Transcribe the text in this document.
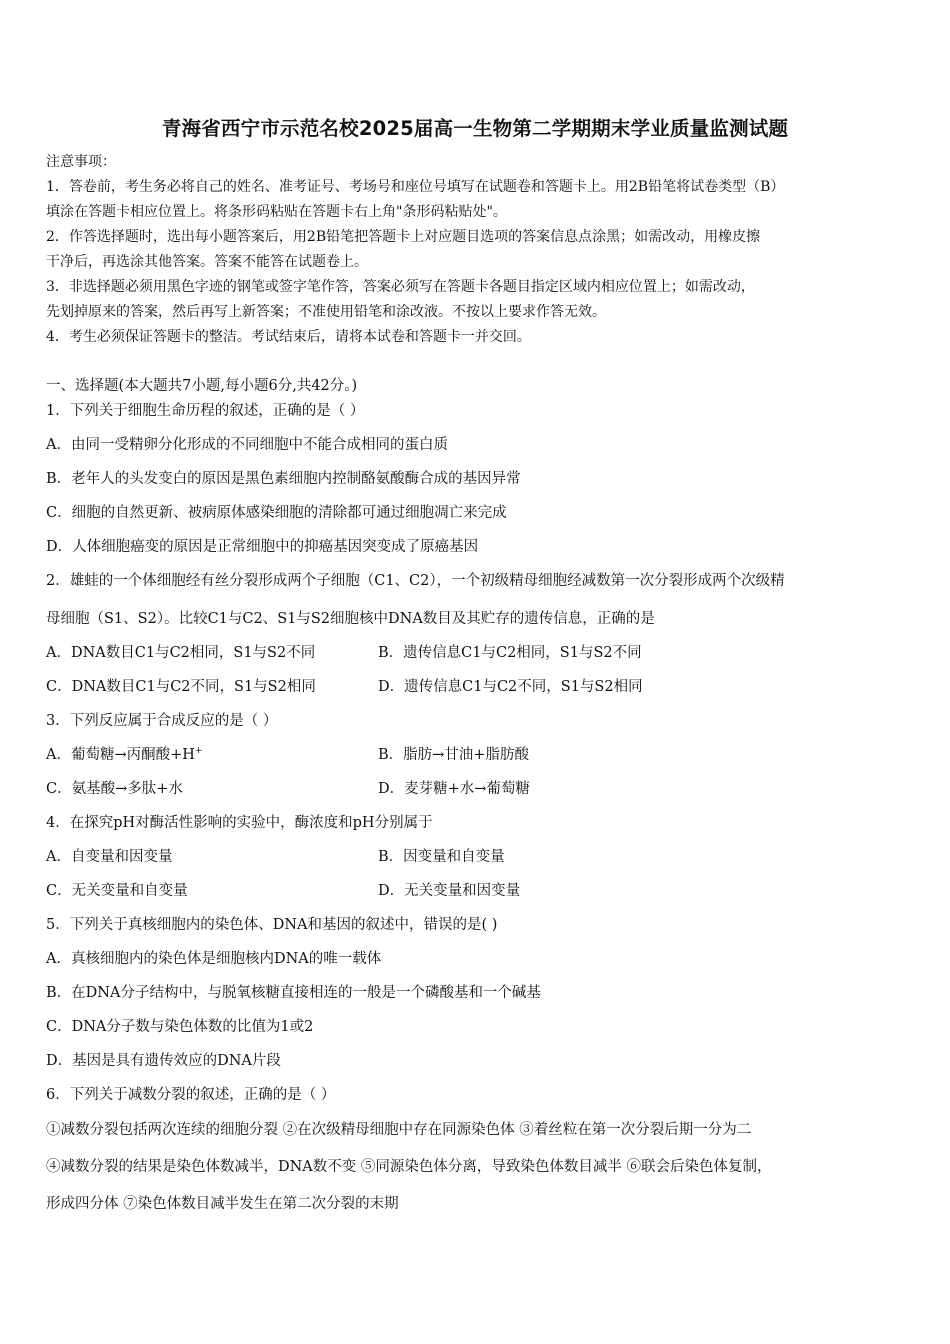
青海省西宁市示范名校2025届高一生物第二学期期末学业质量监测试题
注意事项：
1．答卷前，考生务必将自己的姓名、准考证号、考场号和座位号填写在试题卷和答题卡上。用2B铅笔将试卷类型（B）
填涂在答题卡相应位置上。将条形码粘贴在答题卡右上角"条形码粘贴处"。
2．作答选择题时，选出每小题答案后，用2B铅笔把答题卡上对应题目选项的答案信息点涂黑；如需改动，用橡皮擦
干净后，再选涂其他答案。答案不能答在试题卷上。
3．非选择题必须用黑色字迹的钢笔或签字笔作答，答案必须写在答题卡各题目指定区域内相应位置上；如需改动，
先划掉原来的答案，然后再写上新答案；不准使用铅笔和涂改液。不按以上要求作答无效。
4．考生必须保证答题卡的整洁。考试结束后，请将本试卷和答题卡一并交回。
一、选择题(本大题共7小题,每小题6分,共42分。)
1．下列关于细胞生命历程的叙述，正确的是（ ）
A．由同一受精卵分化形成的不同细胞中不能合成相同的蛋白质
B．老年人的头发变白的原因是黑色素细胞内控制酪氨酸酶合成的基因异常
C．细胞的自然更新、被病原体感染细胞的清除都可通过细胞凋亡来完成
D．人体细胞癌变的原因是正常细胞中的抑癌基因突变成了原癌基因
2．雄蛙的一个体细胞经有丝分裂形成两个子细胞（C1、C2），一个初级精母细胞经减数第一次分裂形成两个次级精
母细胞（S1、S2）。比较C1与C2、S1与S2细胞核中DNA数目及其贮存的遗传信息，正确的是
A．DNA数目C1与C2相同，S1与S2不同	B．遗传信息C1与C2相同，S1与S2不同
C．DNA数目C1与C2不同，S1与S2相同	D．遗传信息C1与C2不同，S1与S2相同
3．下列反应属于合成反应的是（ ）
A．葡萄糖→丙酮酸+H+	B．脂肪→甘油+脂肪酸
C．氨基酸→多肽+水	D．麦芽糖+水→葡萄糖
4．在探究pH对酶活性影响的实验中，酶浓度和pH分别属于
A．自变量和因变量	B．因变量和自变量
C．无关变量和自变量	D．无关变量和因变量
5．下列关于真核细胞内的染色体、DNA和基因的叙述中，错误的是( )
A．真核细胞内的染色体是细胞核内DNA的唯一载体
B．在DNA分子结构中，与脱氧核糖直接相连的一般是一个磷酸基和一个碱基
C．DNA分子数与染色体数的比值为1或2
D．基因是具有遗传效应的DNA片段
6．下列关于减数分裂的叙述，正确的是（ ）
①减数分裂包括两次连续的细胞分裂 ②在次级精母细胞中存在同源染色体 ③着丝粒在第一次分裂后期一分为二
④减数分裂的结果是染色体数减半，DNA数不变 ⑤同源染色体分离，导致染色体数目减半 ⑥联会后染色体复制，
形成四分体 ⑦染色体数目减半发生在第二次分裂的末期
